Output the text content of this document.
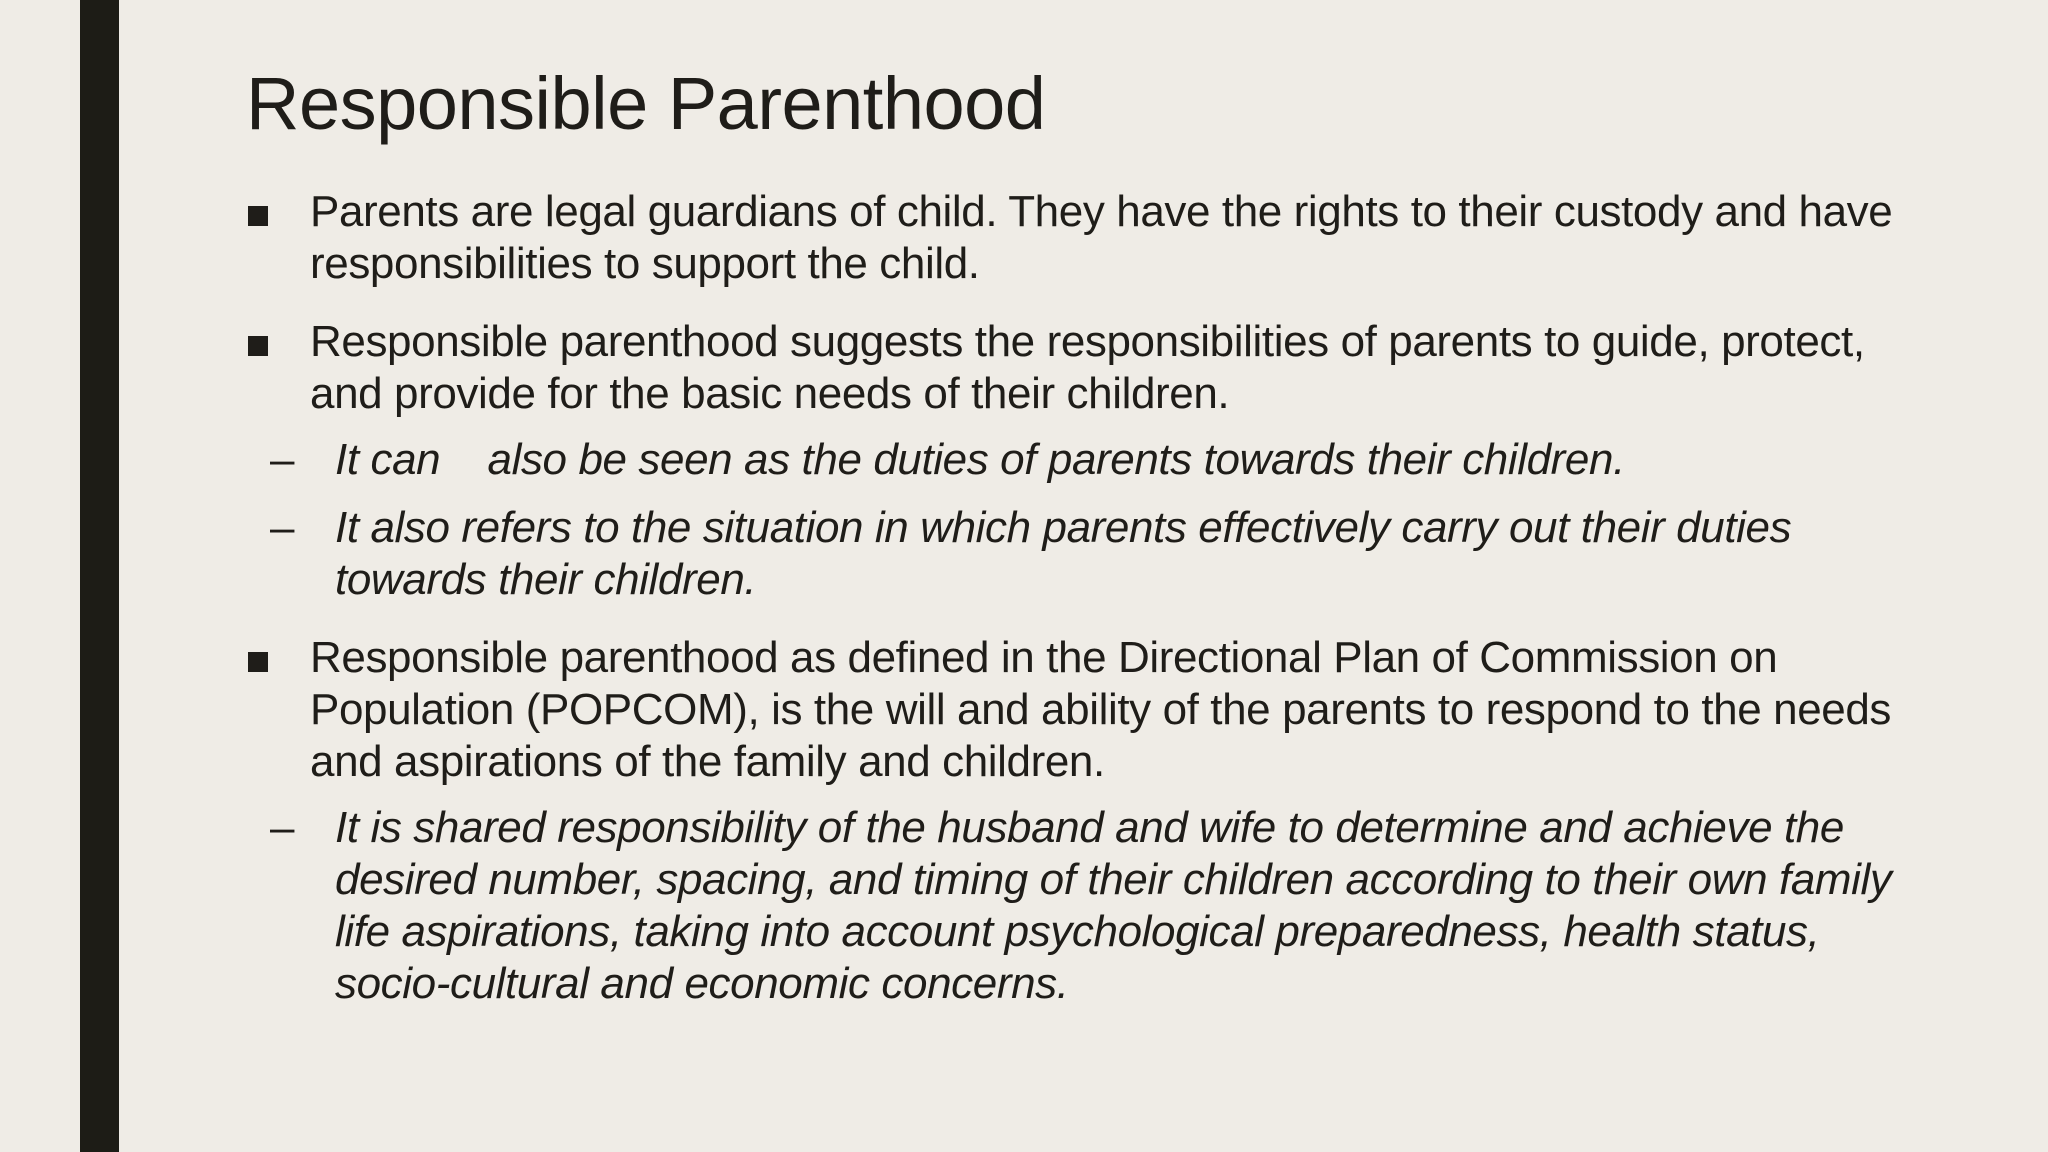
Responsible Parenthood
Parents are legal guardians of child. They have the rights to their custody and have responsibilities to support the child.
Responsible parenthood suggests the responsibilities of parents to guide, protect, and provide for the basic needs of their children.
– It can    also be seen as the duties of parents towards their children.
– It also refers to the situation in which parents effectively carry out their duties towards their children.
Responsible parenthood as defined in the Directional Plan of Commission on Population (POPCOM), is the will and ability of the parents to respond to the needs and aspirations of the family and children.
– It is shared responsibility of the husband and wife to determine and achieve the desired number, spacing, and timing of their children according to their own family life aspirations, taking into account psychological preparedness, health status, socio-cultural and economic concerns.
